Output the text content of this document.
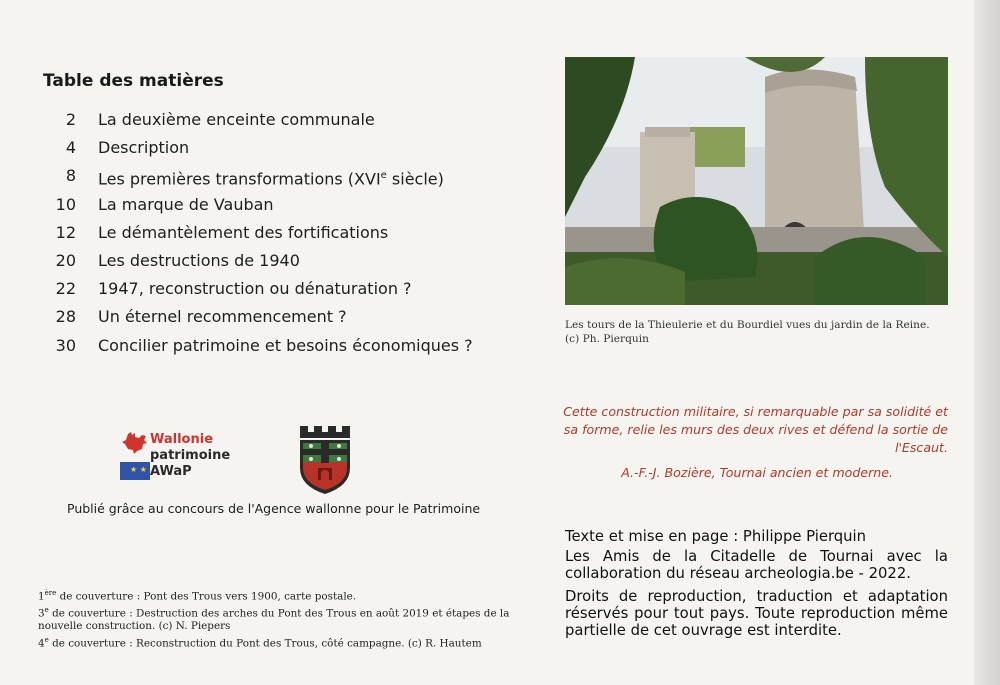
Table des matières
2 La deuxième enceinte communale
4 Description
8 Les premières transformations (XVIe siècle)
10 La marque de Vauban
12 Le démantèlement des fortifications
20 Les destructions de 1940
22 1947, reconstruction ou dénaturation ?
28 Un éternel recommencement ?
30 Concilier patrimoine et besoins économiques ?
★ ★
Wallonie
patrimoine
AWaP
Publié grâce au concours de l'Agence wallonne pour le Patrimoine

1ère de couverture : Pont des Trous vers 1900, carte postale.

3e de couverture : Destruction des arches du Pont des Trous en août 2019 et étapes de la nouvelle construction. (c) N. Piepers

4e de couverture : Reconstruction du Pont des Trous, côté campagne. (c) R. Hautem

Les tours de la Thieulerie et du Bourdiel vues du jardin de la Reine.

(c) Ph. Pierquin

Cette construction militaire, si remarquable par sa solidité et sa forme, relie les murs des deux rives et défend la sortie de l'Escaut.
A.-F.-J. Bozière, Tournai ancien et moderne.

Texte et mise en page : Philippe Pierquin

Les Amis de la Citadelle de Tournai avec la collaboration du réseau archeologia.be - 2022.

Droits de reproduction, traduction et adaptation réservés pour tout pays. Toute reproduction même partielle de cet ouvrage est interdite.
